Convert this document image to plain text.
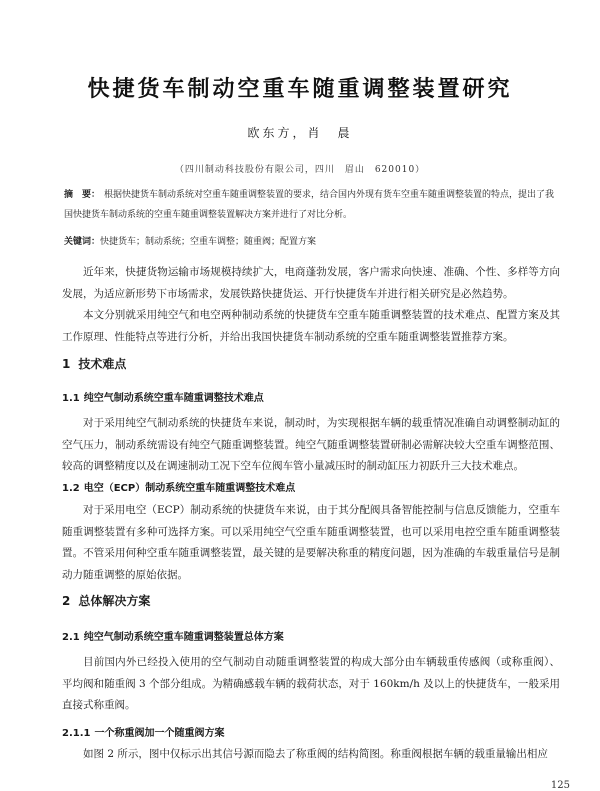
快捷货车制动空重车随重调整装置研究
欧东方，肖　晨
（四川制动科技股份有限公司，四川　眉山　620010）
摘　要： 根据快捷货车制动系统对空重车随重调整装置的要求，结合国内外现有货车空重车随重调整装置的特点，提出了我国快捷货车制动系统的空重车随重调整装置解决方案并进行了对比分析。
关键词：快捷货车；制动系统；空重车调整；随重阀；配置方案
近年来，快捷货物运输市场规模持续扩大，电商蓬勃发展，客户需求向快速、准确、个性、多样等方向发展，为适应新形势下市场需求，发展铁路快捷货运、开行快捷货车并进行相关研究是必然趋势。
本文分别就采用纯空气和电空两种制动系统的快捷货车空重车随重调整装置的技术难点、配置方案及其工作原理、性能特点等进行分析，并给出我国快捷货车制动系统的空重车随重调整装置推荐方案。
1 技术难点
1.1 纯空气制动系统空重车随重调整技术难点
对于采用纯空气制动系统的快捷货车来说，制动时，为实现根据车辆的载重情况准确自动调整制动缸的空气压力，制动系统需设有纯空气随重调整装置。纯空气随重调整装置研制必需解决较大空重车调整范围、较高的调整精度以及在调速制动工况下空车位阀车管小量减压时的制动缸压力初跃升三大技术难点。
1.2 电空（ECP）制动系统空重车随重调整技术难点
对于采用电空（ECP）制动系统的快捷货车来说，由于其分配阀具备智能控制与信息反馈能力，空重车随重调整装置有多种可选择方案。可以采用纯空气空重车随重调整装置，也可以采用电控空重车随重调整装置。不管采用何种空重车随重调整装置，最关键的是要解决称重的精度问题，因为准确的车载重量信号是制动力随重调整的原始依据。
2 总体解决方案
2.1 纯空气制动系统空重车随重调整装置总体方案
目前国内外已经投入使用的空气制动自动随重调整装置的构成大部分由车辆载重传感阀（或称重阀）、平均阀和随重阀 3 个部分组成。为精确感载车辆的载荷状态，对于 160km/h 及以上的快捷货车，一般采用直接式称重阀。
2.1.1 一个称重阀加一个随重阀方案
如图 2 所示，图中仅标示出其信号源而隐去了称重阀的结构简图。称重阀根据车辆的载重量输出相应
125
